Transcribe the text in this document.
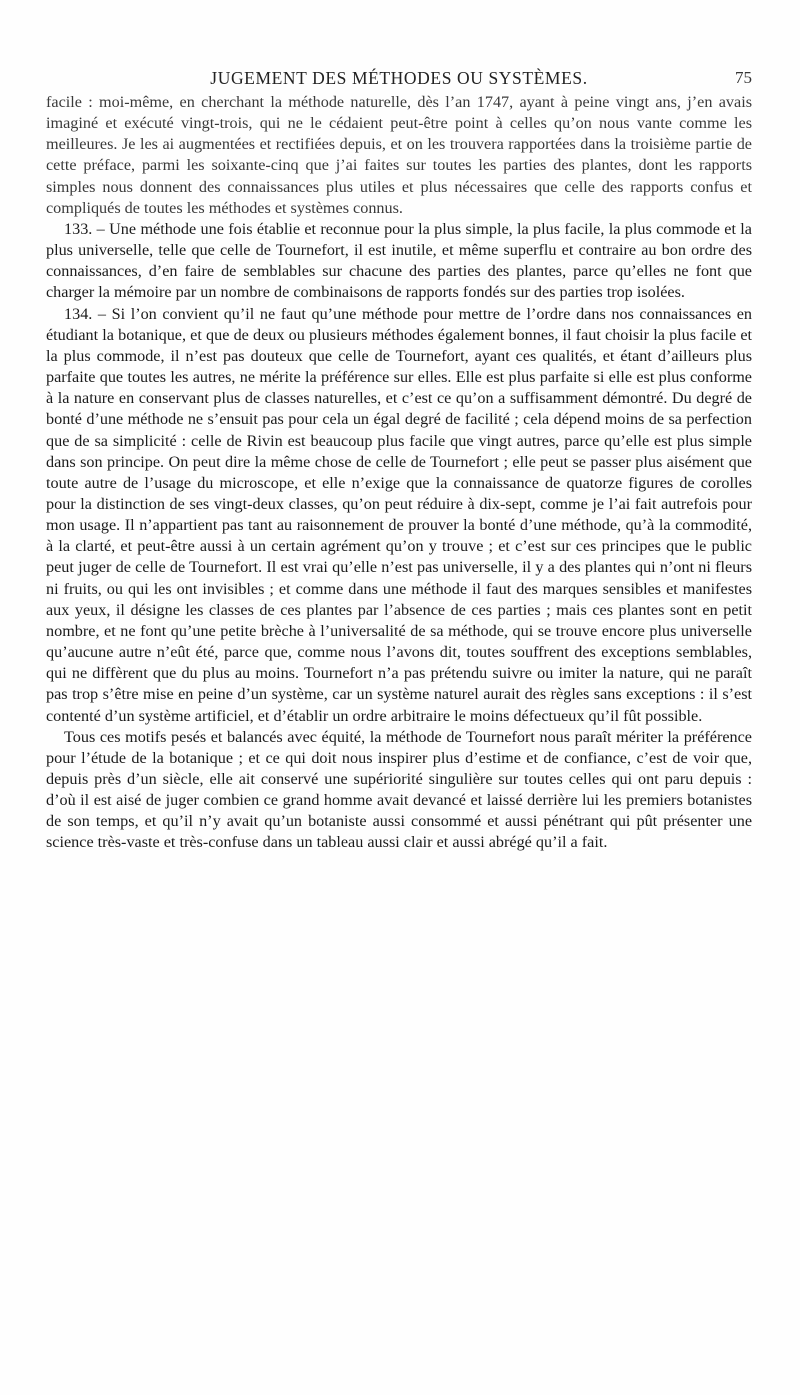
JUGEMENT DES MÉTHODES OU SYSTÈMES.	75

facile : moi-même, en cherchant la méthode naturelle, dès l’an 1747, ayant à peine vingt ans, j’en avais imaginé et exécuté vingt-trois, qui ne le cédaient peut-être point à celles qu’on nous vante comme les meilleures. Je les ai augmentées et rectifiées depuis, et on les trouvera rapportées dans la troisième partie de cette préface, parmi les soixante-cinq que j’ai faites sur toutes les parties des plantes, dont les rapports simples nous donnent des connaissances plus utiles et plus nécessaires que celle des rapports confus et compliqués de toutes les méthodes et systèmes connus.

133. – Une méthode une fois établie et reconnue pour la plus simple, la plus facile, la plus commode et la plus universelle, telle que celle de Tournefort, il est inutile, et même superflu et contraire au bon ordre des connaissances, d’en faire de semblables sur chacune des parties des plantes, parce qu’elles ne font que charger la mémoire par un nombre de combinaisons de rapports fondés sur des parties trop isolées.

134. – Si l’on convient qu’il ne faut qu’une méthode pour mettre de l’ordre dans nos connaissances en étudiant la botanique, et que de deux ou plusieurs méthodes également bonnes, il faut choisir la plus facile et la plus commode, il n’est pas douteux que celle de Tournefort, ayant ces qualités, et étant d’ailleurs plus parfaite que toutes les autres, ne mérite la préférence sur elles. Elle est plus parfaite si elle est plus conforme à la nature en conservant plus de classes naturelles, et c’est ce qu’on a suffisamment démontré. Du degré de bonté d’une méthode ne s’ensuit pas pour cela un égal degré de facilité ; cela dépend moins de sa perfection que de sa simplicité : celle de Rivin est beaucoup plus facile que vingt autres, parce qu’elle est plus simple dans son principe. On peut dire la même chose de celle de Tournefort ; elle peut se passer plus aisément que toute autre de l’usage du microscope, et elle n’exige que la connaissance de quatorze figures de corolles pour la distinction de ses vingt-deux classes, qu’on peut réduire à dix-sept, comme je l’ai fait autrefois pour mon usage. Il n’appartient pas tant au raisonnement de prouver la bonté d’une méthode, qu’à la commodité, à la clarté, et peut-être aussi à un certain agrément qu’on y trouve ; et c’est sur ces principes que le public peut juger de celle de Tournefort. Il est vrai qu’elle n’est pas universelle, il y a des plantes qui n’ont ni fleurs ni fruits, ou qui les ont invisibles ; et comme dans une méthode il faut des marques sensibles et manifestes aux yeux, il désigne les classes de ces plantes par l’absence de ces parties ; mais ces plantes sont en petit nombre, et ne font qu’une petite brèche à l’universalité de sa méthode, qui se trouve encore plus universelle qu’aucune autre n’eût été, parce que, comme nous l’avons dit, toutes souffrent des exceptions semblables, qui ne diffèrent que du plus au moins. Tournefort n’a pas prétendu suivre ou imiter la nature, qui ne paraît pas trop s’être mise en peine d’un système, car un système naturel aurait des règles sans exceptions : il s’est contenté d’un système artificiel, et d’établir un ordre arbitraire le moins défectueux qu’il fût possible.

Tous ces motifs pesés et balancés avec équité, la méthode de Tournefort nous paraît mériter la préférence pour l’étude de la botanique ; et ce qui doit nous inspirer plus d’estime et de confiance, c’est de voir que, depuis près d’un siècle, elle ait conservé une supériorité singulière sur toutes celles qui ont paru depuis : d’où il est aisé de juger combien ce grand homme avait devancé et laissé derrière lui les premiers botanistes de son temps, et qu’il n’y avait qu’un botaniste aussi consommé et aussi pénétrant qui pût présenter une science très-vaste et très-confuse dans un tableau aussi clair et aussi abrégé qu’il a fait.
